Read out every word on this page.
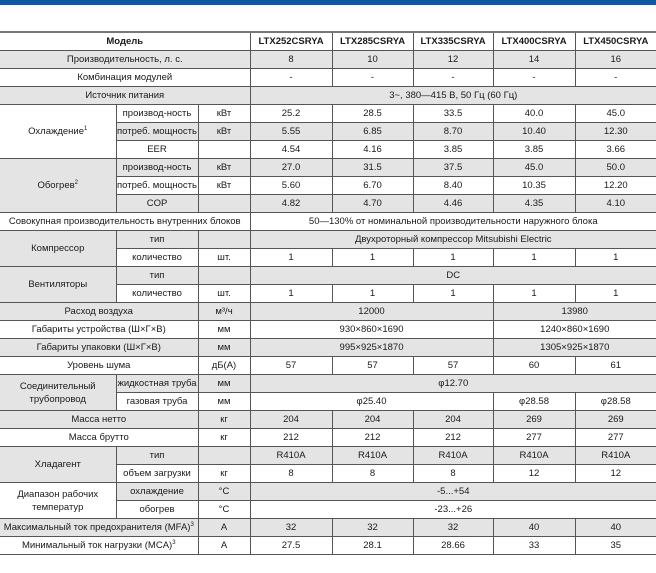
Модель			LTX252CSRYA	LTX285CSRYA	LTX335CSRYA	LTX400CSRYA	LTX450CSRYA
Производительность, л. с.			8	10	12	14	16
Комбинация модулей			-	-	-	-	-
Источник питания			3~, 380—415 В, 50 Гц (60 Гц)				
Охлаждение$^1$	производ-ность	кВт	25.2	28.5	33.5	40.0	45.0
	потреб. мощность	кВт	5.55	6.85	8.70	10.40	12.30
	EER		4.54	4.16	3.85	3.85	3.66
Обогрев$^2$	производ-ность	кВт	27.0	31.5	37.5	45.0	50.0
	потреб. мощность	кВт	5.60	6.70	8.40	10.35	12.20
	COP		4.82	4.70	4.46	4.35	4.10
Совокупная производительность внутренних блоков			50—130% от номинальной производительности наружного блока				
Компрессор	тип		Двухроторный компрессор Mitsubishi Electric				
	количество	шт.	1	1	1	1	1
Вентиляторы	тип		DC				
	количество	шт.	1	1	1	1	1
Расход воздуха		м³/ч	12000			13980	
Габариты устройства (Ш×Г×В)		мм	930×860×1690			1240×860×1690	
Габариты упаковки (Ш×Г×В)		мм	995×925×1870			1305×925×1870	
Уровень шума		дБ(А)	57	57	57	60	61
Соединительный трубопровод	жидкостная труба	мм	φ12.70				
	газовая труба	мм	φ25.40			φ28.58	φ28.58
Масса нетто		кг	204	204	204	269	269
Масса брутто		кг	212	212	212	277	277
Хладагент	тип		R410A	R410A	R410A	R410A	R410A
	объем загрузки	кг	8	8	8	12	12
Диапазон рабочих температур	охлаждение	°C	-5...+54				
	обогрев	°C	-23...+26				
Максимальный ток предохранителя (MFA)$^3$		А	32	32	32	40	40
Минимальный ток нагрузки (MCA)$^3$		А	27.5	28.1	28.66	33	35
